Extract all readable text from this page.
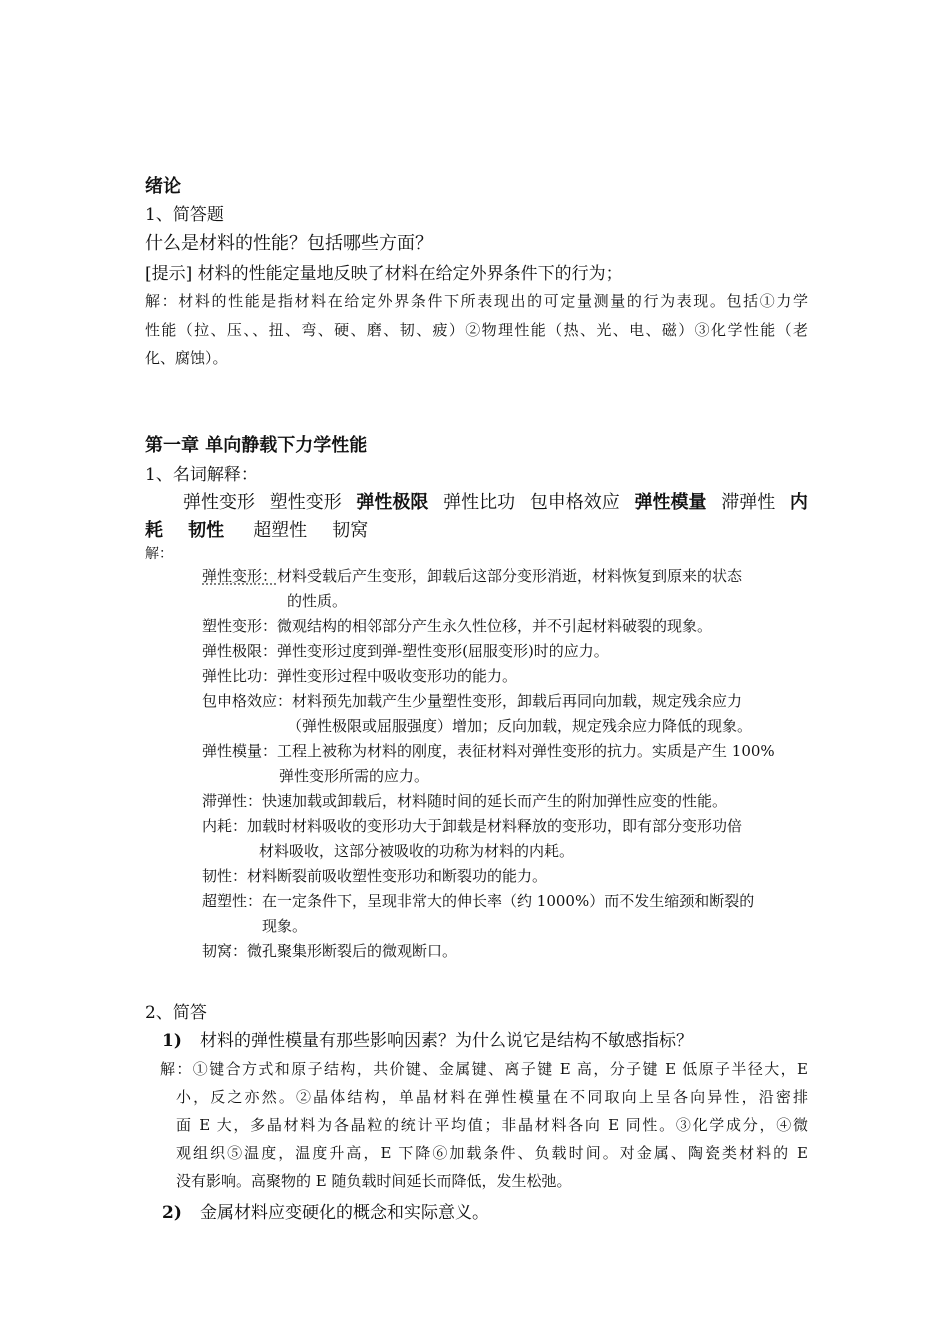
绪论
1、简答题
什么是材料的性能？包括哪些方面？
[提示] 材料的性能定量地反映了材料在给定外界条件下的行为；
解：材料的性能是指材料在给定外界条件下所表现出的可定量测量的行为表现。包括①力学
性能（拉、压、、扭、弯、硬、磨、韧、疲）②物理性能（热、光、电、磁）③化学性能（老
化、腐蚀）。
第一章 单向静载下力学性能
1、名词解释：
弹性变形 塑性变形 弹性极限 弹性比功 包申格效应 弹性模量 滞弹性 内
耗 韧性 超塑性 韧窝
解：
弹性变形：材料受载后产生变形，卸载后这部分变形消逝，材料恢复到原来的状态
的性质。
塑性变形：微观结构的相邻部分产生永久性位移，并不引起材料破裂的现象。
弹性极限：弹性变形过度到弹-塑性变形(屈服变形)时的应力。
弹性比功：弹性变形过程中吸收变形功的能力。
包申格效应：材料预先加载产生少量塑性变形，卸载后再同向加载，规定残余应力
（弹性极限或屈服强度）增加；反向加载，规定残余应力降低的现象。
弹性模量：工程上被称为材料的刚度，表征材料对弹性变形的抗力。实质是产生 100%
弹性变形所需的应力。
滞弹性：快速加载或卸载后，材料随时间的延长而产生的附加弹性应变的性能。
内耗：加载时材料吸收的变形功大于卸载是材料释放的变形功，即有部分变形功倍
材料吸收，这部分被吸收的功称为材料的内耗。
韧性：材料断裂前吸收塑性变形功和断裂功的能力。
超塑性：在一定条件下，呈现非常大的伸长率（约 1000%）而不发生缩颈和断裂的
现象。
韧窝：微孔聚集形断裂后的微观断口。
2、简答
1) 材料的弹性模量有那些影响因素？为什么说它是结构不敏感指标？
解：①键合方式和原子结构，共价键、金属键、离子键 E 高，分子键 E 低原子半径大，E
小，反之亦然。②晶体结构，单晶材料在弹性模量在不同取向上呈各向异性，沿密排
面 E 大，多晶材料为各晶粒的统计平均值；非晶材料各向 E 同性。③化学成分，④微
观组织⑤温度，温度升高，E 下降⑥加载条件、负载时间。对金属、陶瓷类材料的 E
没有影响。高聚物的 E 随负载时间延长而降低，发生松弛。
2) 金属材料应变硬化的概念和实际意义。
